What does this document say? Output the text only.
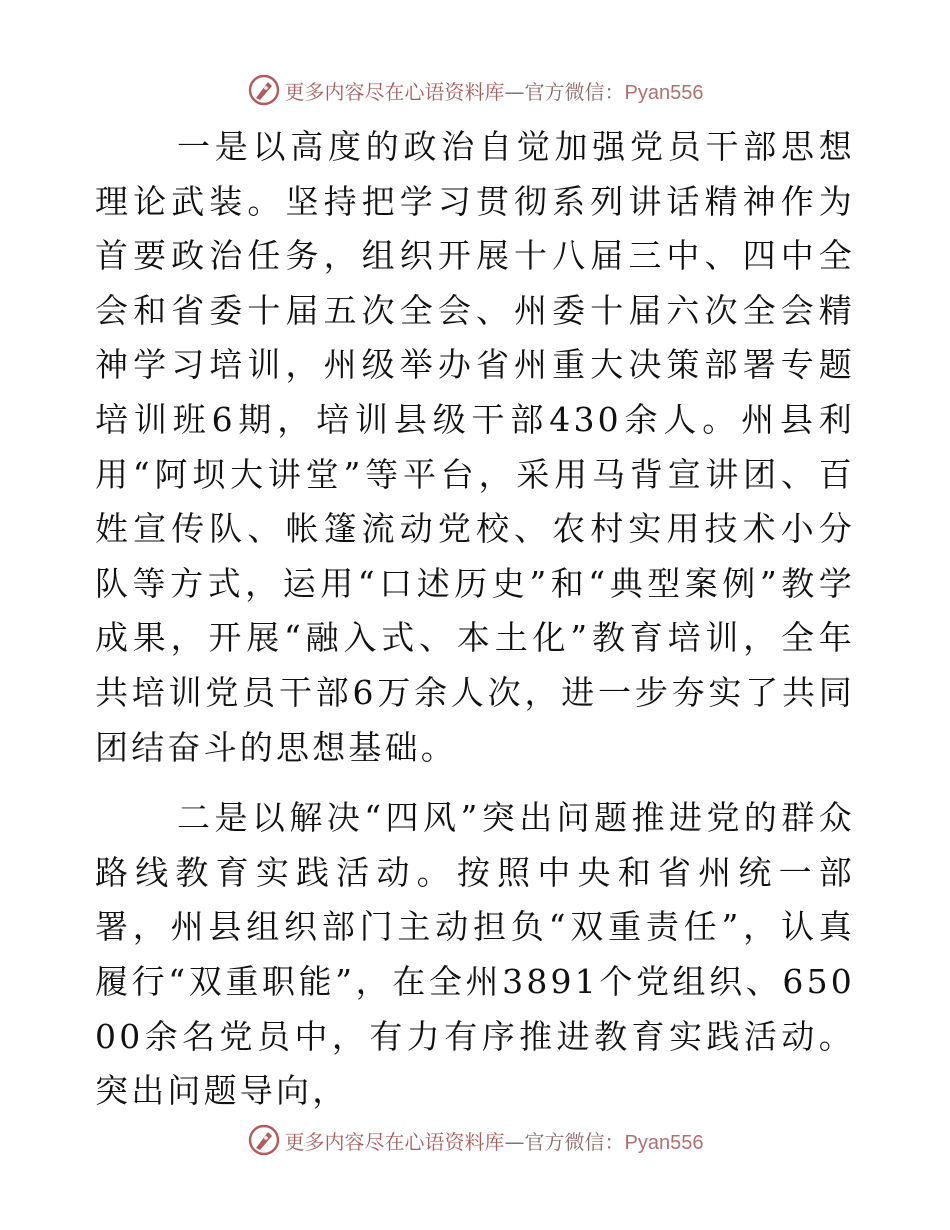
更多内容尽在心语资料库—官方微信：Pyan556

一是以高度的政治自觉加强党员干部思想理论武装。坚持把学习贯彻系列讲话精神作为首要政治任务，组织开展十八届三中、四中全会和省委十届五次全会、州委十届六次全会精神学习培训，州级举办省州重大决策部署专题培训班6期，培训县级干部430余人。州县利用“阿坝大讲堂”等平台，采用马背宣讲团、百姓宣传队、帐篷流动党校、农村实用技术小分队等方式，运用“口述历史”和“典型案例”教学成果，开展“融入式、本土化”教育培训，全年共培训党员干部6万余人次，进一步夯实了共同团结奋斗的思想基础。

二是以解决“四风”突出问题推进党的群众路线教育实践活动。按照中央和省州统一部署，州县组织部门主动担负“双重责任”，认真履行“双重职能”，在全州3891个党组织、65000余名党员中，有力有序推进教育实践活动。突出问题导向，

更多内容尽在心语资料库—官方微信：Pyan556
